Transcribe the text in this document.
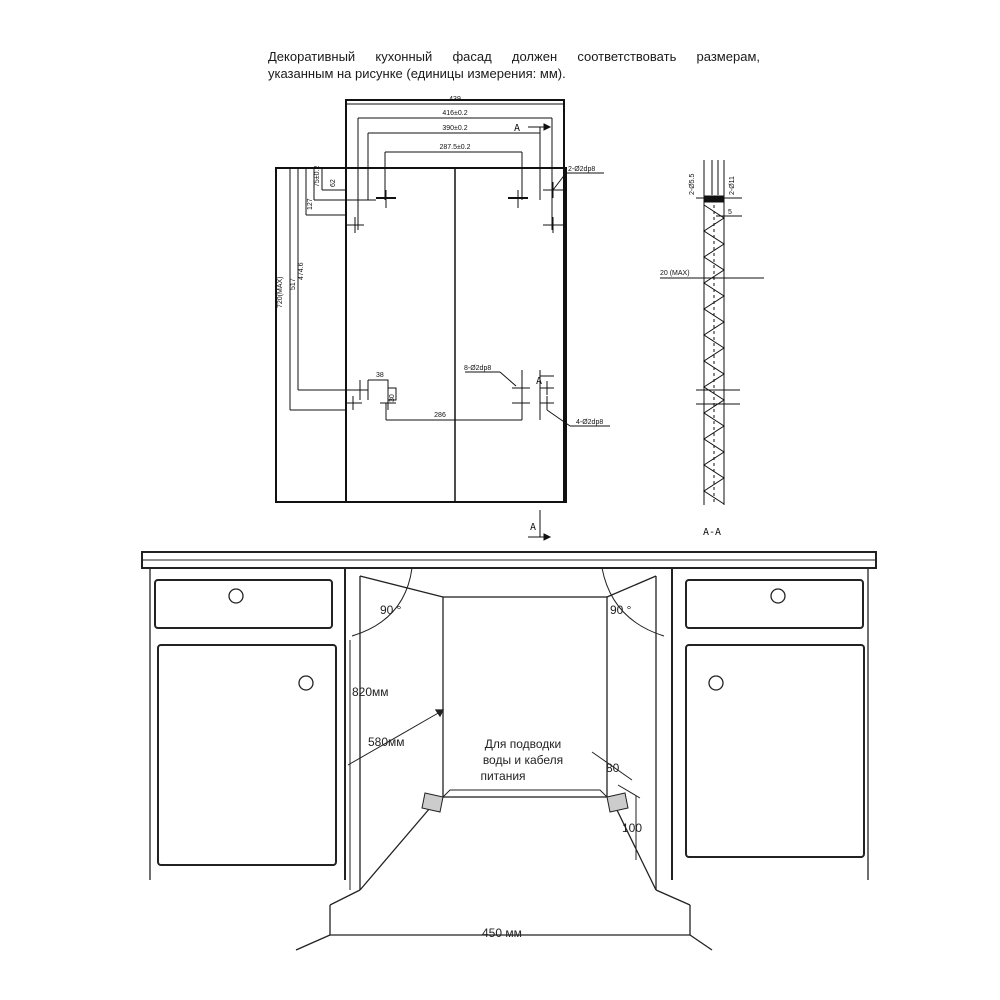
Декоративный кухонный фасад должен соответствовать размерам,
указанным на рисунке (единицы измерения: мм).
439
416±0.2
390±0.2
287.5±0.2
75±0.2 62
127
474.6
517
720(MAX)
38
30
286
2-Ø2dp8
8-Ø2dp8
4-Ø2dp8
A
A
A
2-Ø5.5	2-Ø11
5
20 (MAX)
A-A
90 °	90 °
820мм
580мм
450 мм
80
100
Для подводки
воды и кабеля
питания
